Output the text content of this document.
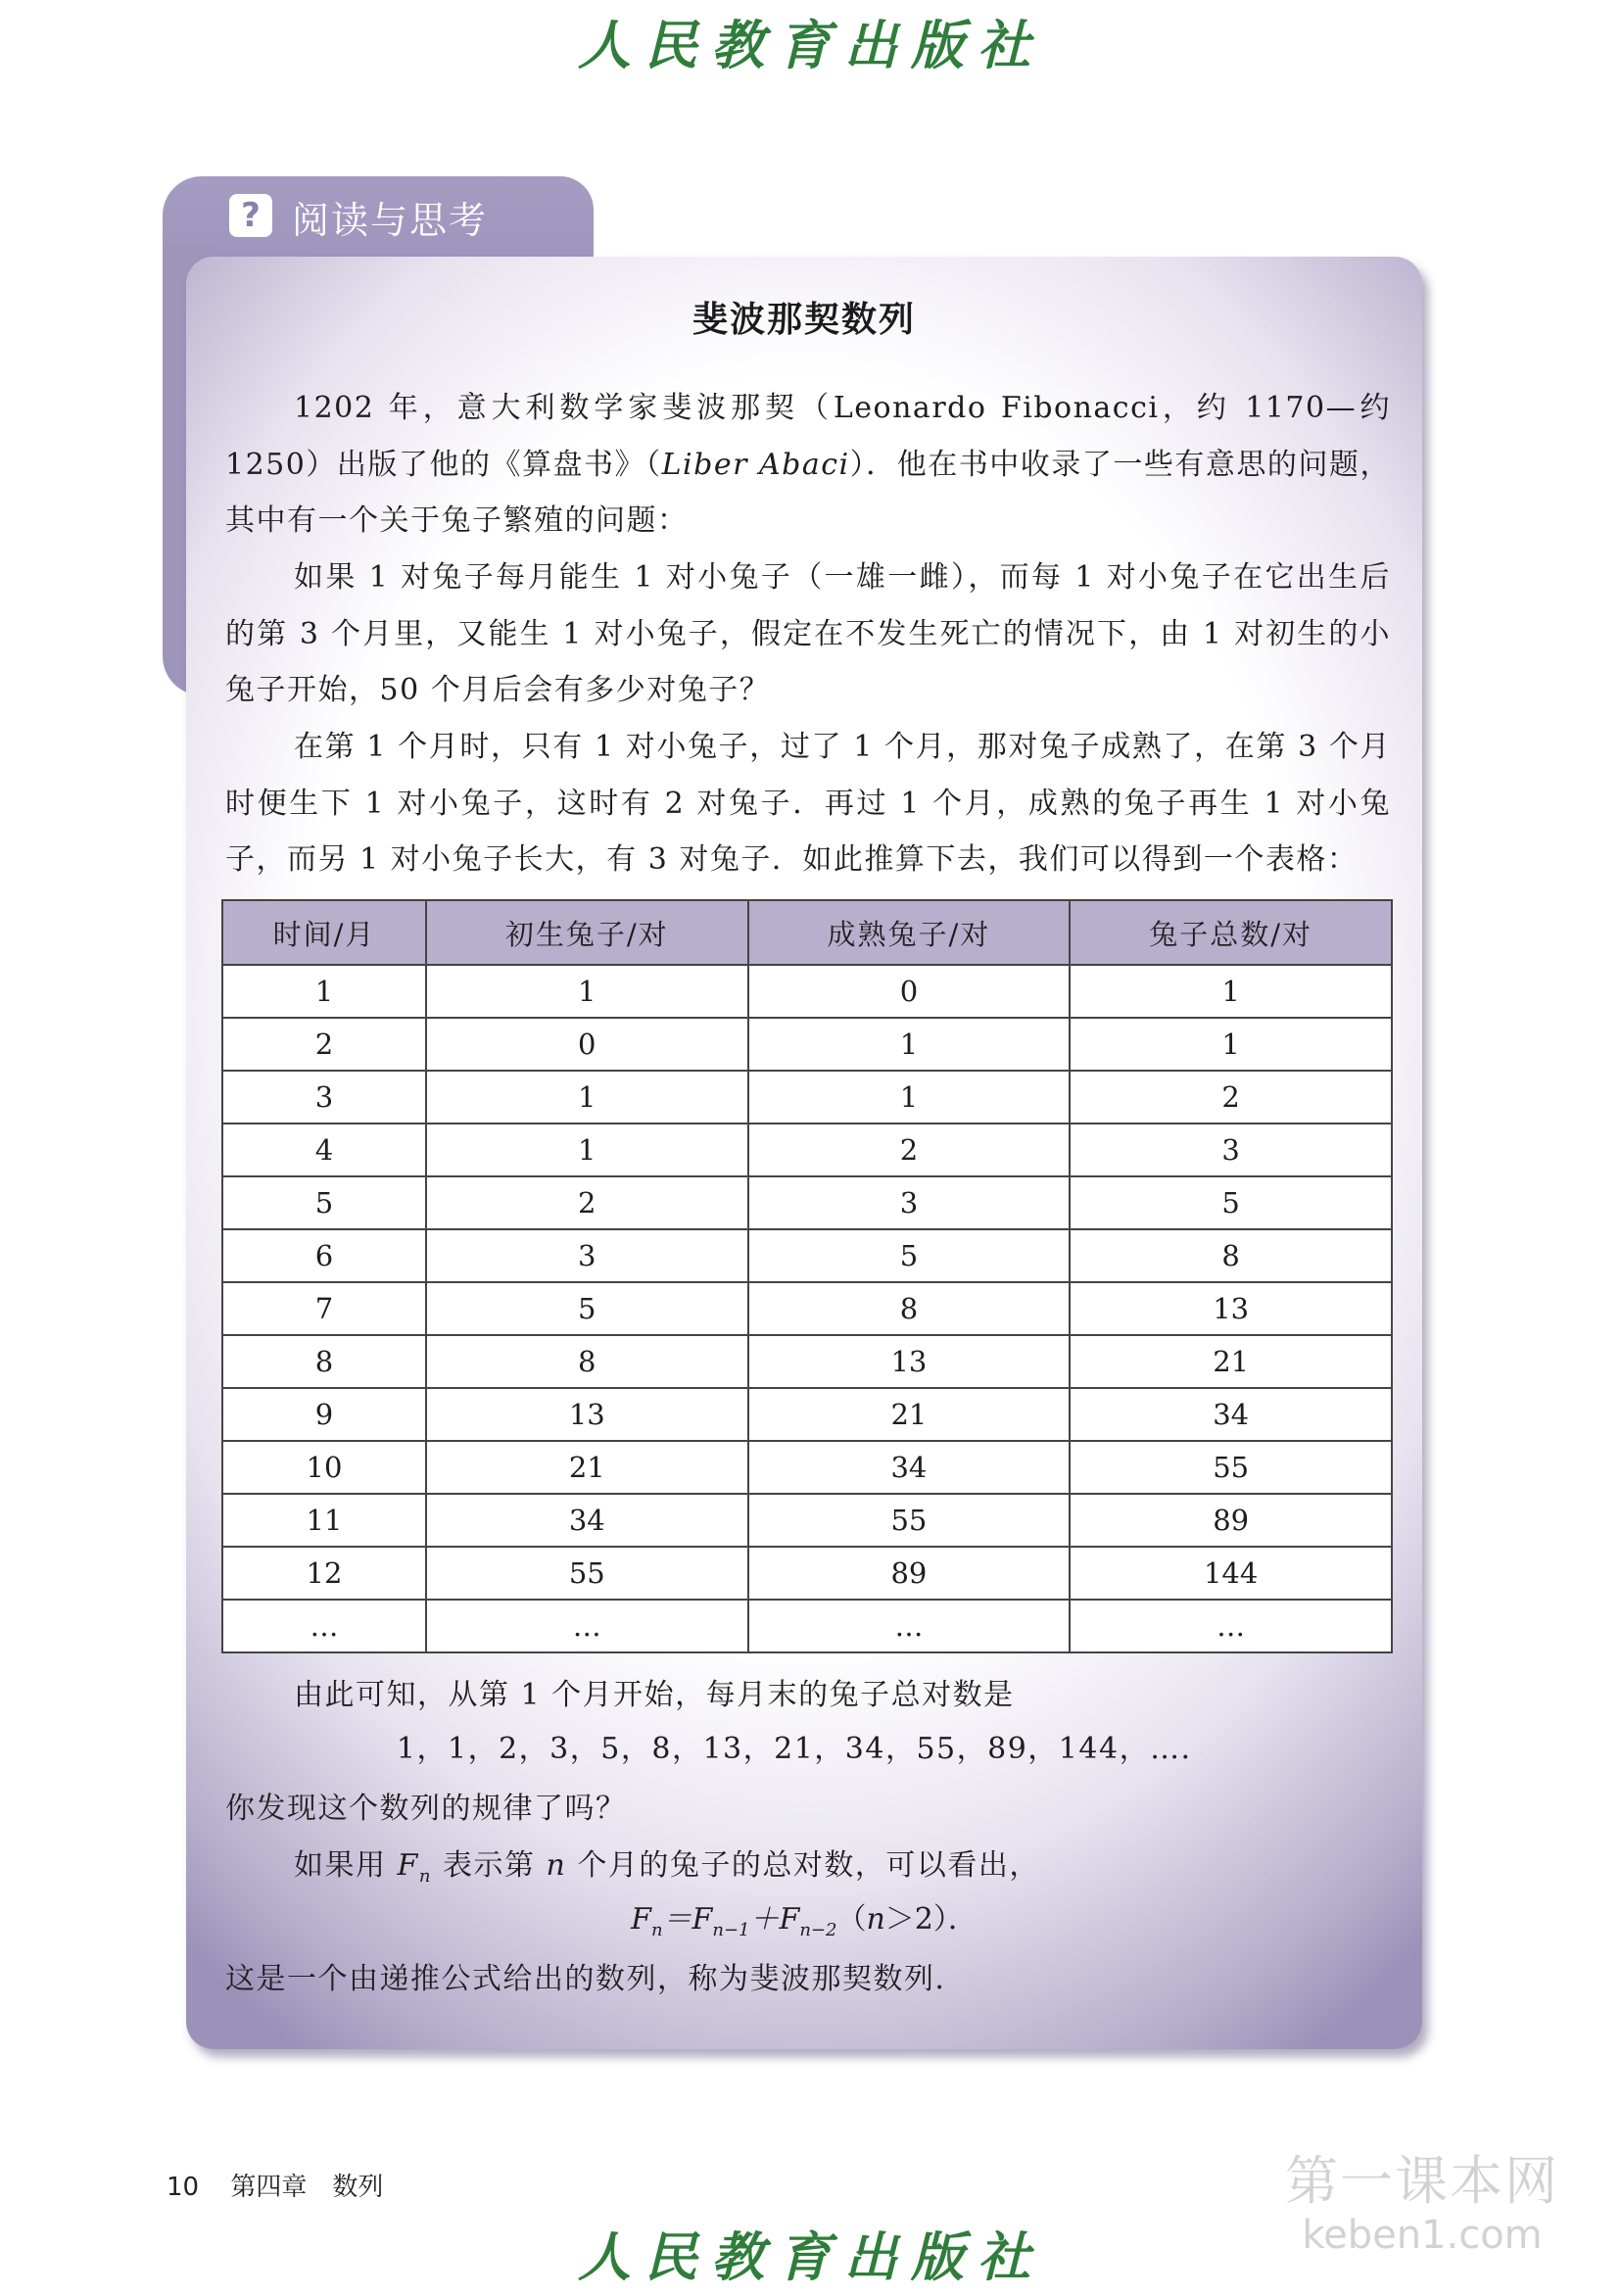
人民教育出版社
? 阅读与思考
斐波那契数列

1202 年，意大利数学家斐波那契（Leonardo Fibonacci，约 1170—约 1250）出版了他的《算盘书》（Liber Abaci）．他在书中收录了一些有意思的问题，其中有一个关于兔子繁殖的问题：

如果 1 对兔子每月能生 1 对小兔子（一雄一雌），而每 1 对小兔子在它出生后的第 3 个月里，又能生 1 对小兔子，假定在不发生死亡的情况下，由 1 对初生的小兔子开始，50 个月后会有多少对兔子？

在第 1 个月时，只有 1 对小兔子，过了 1 个月，那对兔子成熟了，在第 3 个月时便生下 1 对小兔子，这时有 2 对兔子．再过 1 个月，成熟的兔子再生 1 对小兔子，而另 1 对小兔子长大，有 3 对兔子．如此推算下去，我们可以得到一个表格：

时间/月	初生兔子/对	成熟兔子/对	兔子总数/对
1	1	0	1
2	0	1	1
3	1	1	2
4	1	2	3
5	2	3	5
6	3	5	8
7	5	8	13
8	8	13	21
9	13	21	34
10	21	34	55
11	34	55	89
12	55	89	144
…	…	…	…

由此可知，从第 1 个月开始，每月末的兔子总对数是

1，1，2，3，5，8，13，21，34，55，89，144，…．

你发现这个数列的规律了吗？

如果用 $F_n$ 表示第 n 个月的兔子的总对数，可以看出，

$F_n=F_{n-1}+F_{n-2}(n>2)$．

这是一个由递推公式给出的数列，称为斐波那契数列．

10 第四章　数列	第一课本网
keben1.com
人民教育出版社
